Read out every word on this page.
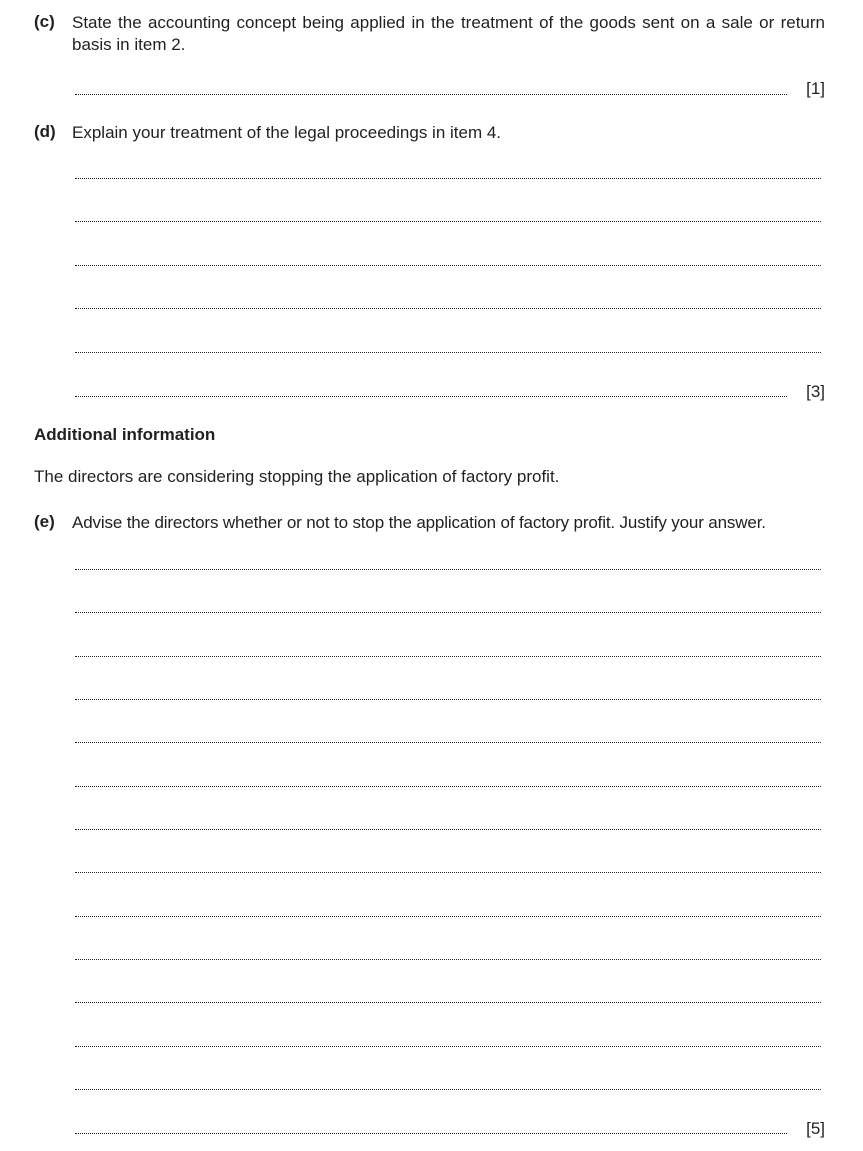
(c) State the accounting concept being applied in the treatment of the goods sent on a sale or return basis in item 2.
[1]
(d) Explain your treatment of the legal proceedings in item 4.
[3]
Additional information
The directors are considering stopping the application of factory profit.
(e) Advise the directors whether or not to stop the application of factory profit. Justify your answer.
[5]
